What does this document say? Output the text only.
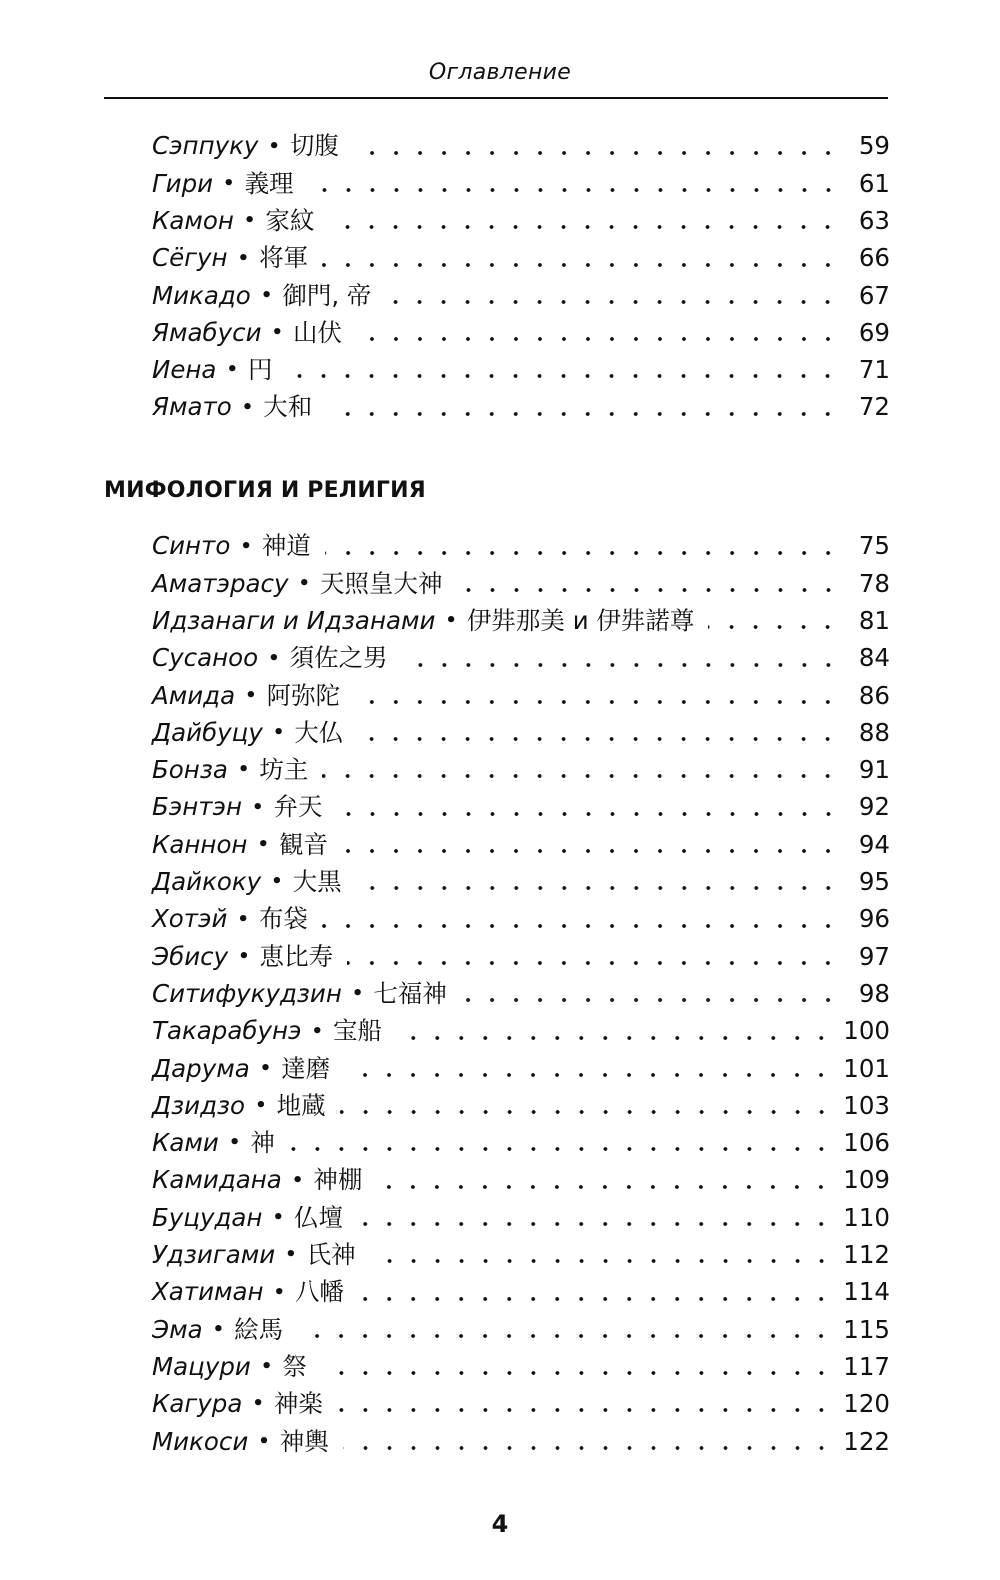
Оглавление
Сэппуку • 切腹	59
Гири • 義理	61
Камон • 家紋	63
Сёгун • 将軍	66
Микадо • 御門, 帝	67
Ямабуси • 山伏	69
Иена • 円	71
Ямато • 大和	72
МИФОЛОГИЯ И РЕЛИГИЯ
Синто • 神道	75
Аматэрасу • 天照皇大神	78
Идзанаги и Идзанами • 伊弉那美 и 伊弉諾尊	81
Сусаноо • 須佐之男	84
Амида • 阿弥陀	86
Дайбуцу • 大仏	88
Бонза • 坊主	91
Бэнтэн • 弁天	92
Каннон • 観音	94
Дайкоку • 大黒	95
Хотэй • 布袋	96
Эбису • 恵比寿	97
Ситифукудзин • 七福神	98
Такарабунэ • 宝船	100
Дарума • 達磨	101
Дзидзо • 地蔵	103
Ками • 神	106
Камидана • 神棚	109
Буцудан • 仏壇	110
Удзигами • 氏神	112
Хатиман • 八幡	114
Эма • 絵馬	115
Мацури • 祭	117
Кагура • 神楽	120
Микоси • 神輿	122
4
